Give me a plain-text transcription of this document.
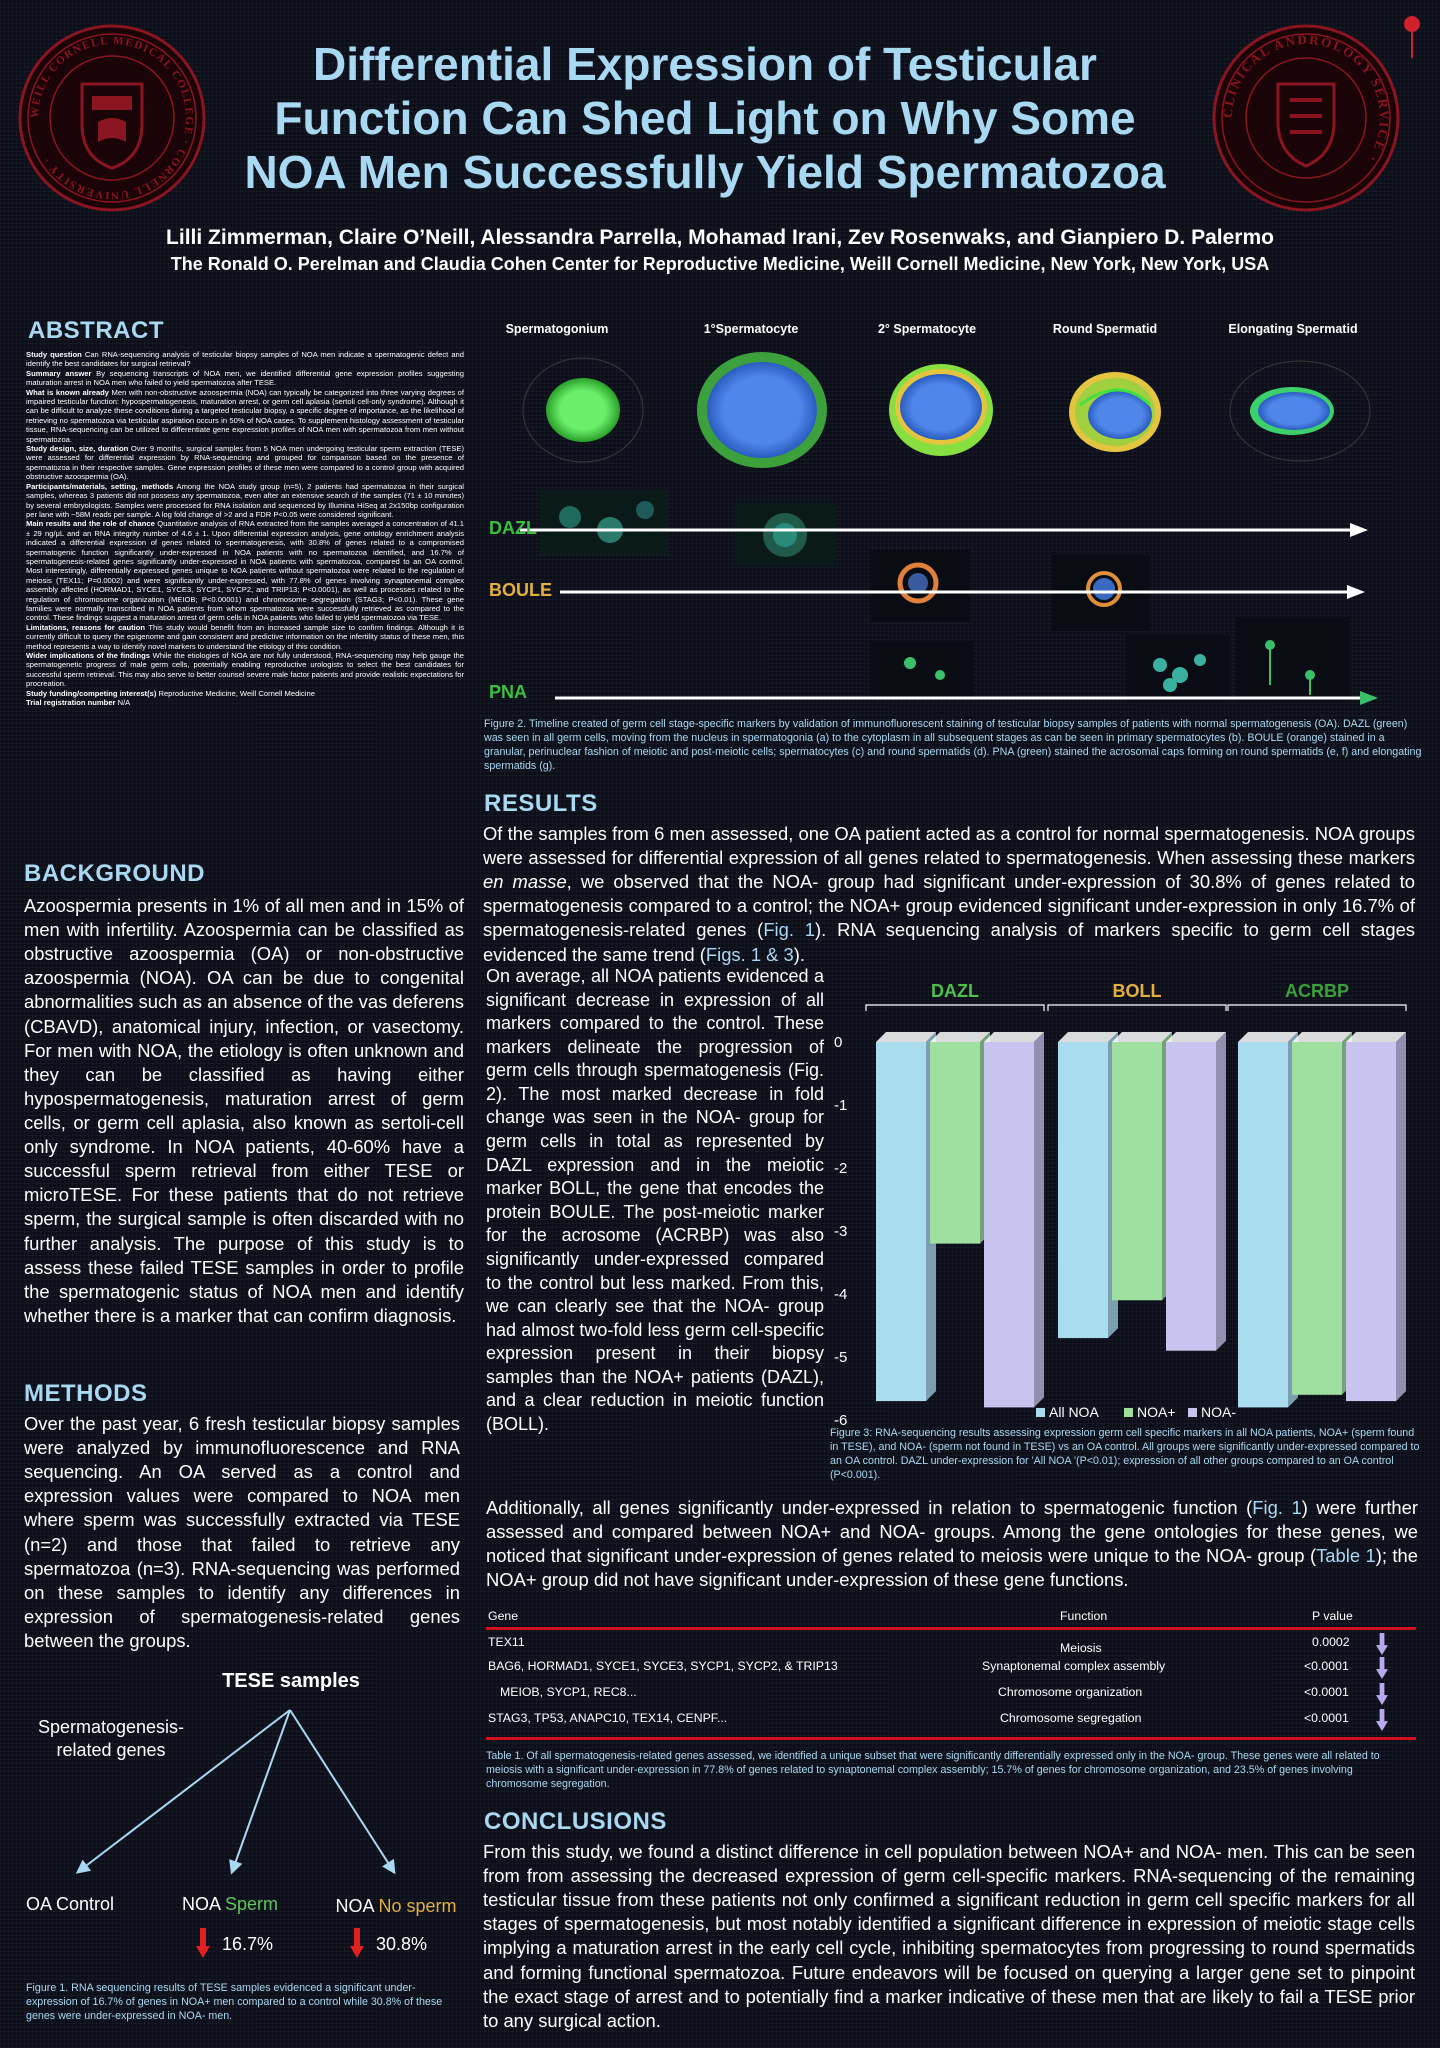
WEILL CORNELL MEDICAL COLLEGE · CORNELL UNIVERSITY ·
CLINICAL ANDROLOGY SERVICE ·
Differential Expression of Testicular
Function Can Shed Light on Why Some
NOA Men Successfully Yield Spermatozoa
Lilli Zimmerman, Claire O’Neill, Alessandra Parrella, Mohamad Irani, Zev Rosenwaks, and Gianpiero D. Palermo
The Ronald O. Perelman and Claudia Cohen Center for Reproductive Medicine, Weill Cornell Medicine, New York, New York, USA
ABSTRACT

Study question Can RNA-sequencing analysis of testicular biopsy samples of NOA men indicate a spermatogenic defect and identify the best candidates for surgical retrieval?

Summary answer By sequencing transcripts of NOA men, we identified differential gene expression profiles suggesting maturation arrest in NOA men who failed to yield spermatozoa after TESE.

What is known already Men with non-obstructive azoospermia (NOA) can typically be categorized into three varying degrees of impaired testicular function: hypospermatogenesis, maturation arrest, or germ cell aplasia (sertoli cell-only syndrome). Although it can be difficult to analyze these conditions during a targeted testicular biopsy, a specific degree of importance, as the likelihood of retrieving no spermatozoa via testicular aspiration occurs in 50% of NOA cases. To supplement histology assessment of testicular tissue, RNA-sequencing can be utilized to differentiate gene expression profiles of NOA men with spermatozoa from men without spermatozoa.

Study design, size, duration Over 9 months, surgical samples from 5 NOA men undergoing testicular sperm extraction (TESE) were assessed for differential expression by RNA-sequencing and grouped for comparison based on the presence of spermatozoa in their respective samples. Gene expression profiles of these men were compared to a control group with acquired obstructive azoospermia (OA).

Participants/materials, setting, methods Among the NOA study group (n=5), 2 patients had spermatozoa in their surgical samples, whereas 3 patients did not possess any spermatozoa, even after an extensive search of the samples (71 ± 10 minutes) by several embryologists. Samples were processed for RNA isolation and sequenced by Illumina HiSeq at 2x150bp configuration per lane with ~58M reads per sample. A log fold change of >2 and a FDR P<0.05 were considered significant.

Main results and the role of chance Quantitative analysis of RNA extracted from the samples averaged a concentration of 41.1 ± 29 ng/μL and an RNA integrity number of 4.6 ± 1. Upon differential expression analysis, gene ontology enrichment analysis indicated a differential expression of genes related to spermatogenesis, with 30.8% of genes related to a compromised spermatogenic function significantly under-expressed in NOA patients with no spermatozoa identified, and 16.7% of spermatogenesis-related genes significantly under-expressed in NOA patients with spermatozoa, compared to an OA control. Most interestingly, differentially expressed genes unique to NOA patients without spermatozoa were related to the regulation of meiosis (TEX11; P=0.0002) and were significantly under-expressed, with 77.8% of genes involving synaptonemal complex assembly affected (HORMAD1, SYCE1, SYCE3, SYCP1, SYCP2, and TRIP13; P<0.0001), as well as processes related to the regulation of chromosome organization (MEIOB; P<0.00001) and chromosome segregation (STAG3; P<0.01). These gene families were normally transcribed in NOA patients from whom spermatozoa were successfully retrieved as compared to the control. These findings suggest a maturation arrest of germ cells in NOA patients who failed to yield spermatozoa via TESE.

Limitations, reasons for caution This study would benefit from an increased sample size to confirm findings. Although it is currently difficult to query the epigenome and gain consistent and predictive information on the infertility status of these men, this method represents a way to identify novel markers to understand the etiology of this condition.

Wider implications of the findings While the etiologies of NOA are not fully understood, RNA-sequencing may help gauge the spermatogenetic progress of male germ cells, potentially enabling reproductive urologists to select the best candidates for successful sperm retrieval. This may also serve to better counsel severe male factor patients and provide realistic expectations for procreation.

Study funding/competing interest(s) Reproductive Medicine, Weill Cornell Medicine

Trial registration number N/A

BACKGROUND
Azoospermia presents in 1% of all men and in 15% of men with infertility. Azoospermia can be classified as obstructive azoospermia (OA) or non-obstructive azoospermia (NOA). OA can be due to congenital abnormalities such as an absence of the vas deferens (CBAVD), anatomical injury, infection, or vasectomy. For men with NOA, the etiology is often unknown and they can be classified as having either hypospermatogenesis, maturation arrest of germ cells, or germ cell aplasia, also known as sertoli-cell only syndrome. In NOA patients, 40-60% have a successful sperm retrieval from either TESE or microTESE. For these patients that do not retrieve sperm, the surgical sample is often discarded with no further analysis. The purpose of this study is to assess these failed TESE samples in order to profile the spermatogenic status of NOA men and identify whether there is a marker that can confirm diagnosis.
METHODS
Over the past year, 6 fresh testicular biopsy samples were analyzed by immunofluorescence and RNA sequencing. An OA served as a control and expression values were compared to NOA men where sperm was successfully extracted via TESE (n=2) and those that failed to retrieve any spermatozoa (n=3). RNA-sequencing was performed on these samples to identify any differences in expression of spermatogenesis-related genes between the groups.
TESE samples
Spermatogenesis-related genes
OA Control	NOA Sperm	NOA No sperm
16.7%	30.8%
Figure 1. RNA sequencing results of TESE samples evidenced a significant under-expression of 16.7% of genes in NOA+ men compared to a control while 30.8% of these genes were under-expressed in NOA- men.
Spermatogonium	1°Spermatocyte	2° Spermatocyte	Round Spermatid	Elongating Spermatid
DAZL
BOULE
PNA
Figure 2. Timeline created of germ cell stage-specific markers by validation of immunofluorescent staining of testicular biopsy samples of patients with normal spermatogenesis (OA). DAZL (green) was seen in all germ cells, moving from the nucleus in spermatogonia (a) to the cytoplasm in all subsequent stages as can be seen in primary spermatocytes (b). BOULE (orange) stained in a granular, perinuclear fashion of meiotic and post-meiotic cells; spermatocytes (c) and round spermatids (d). PNA (green) stained the acrosomal caps forming on round spermatids (e, f) and elongating spermatids (g).
RESULTS
Of the samples from 6 men assessed, one OA patient acted as a control for normal spermatogenesis. NOA groups were assessed for differential expression of all genes related to spermatogenesis. When assessing these markers en masse, we observed that the NOA- group had significant under-expression of 30.8% of genes related to spermatogenesis compared to a control; the NOA+ group evidenced significant under-expression in only 16.7% of spermatogenesis-related genes (Fig. 1). RNA sequencing analysis of markers specific to germ cell stages evidenced the same trend (Figs. 1 & 3).
On average, all NOA patients evidenced a significant decrease in expression of all markers compared to the control. These markers delineate the progression of germ cells through spermatogenesis (Fig. 2). The most marked decrease in fold change was seen in the NOA- group for germ cells in total as represented by DAZL expression and in the meiotic marker BOLL, the gene that encodes the protein BOULE. The post-meiotic marker for the acrosome (ACRBP) was also significantly under-expressed compared to the control but less marked. From this, we can clearly see that the NOA- group had almost two-fold less germ cell-specific expression present in their biopsy samples than the NOA+ patients (DAZL), and a clear reduction in meiotic function (BOLL).
0
-1
-2
-3
-4
-5
-6
DAZL	BOLL	ACRBP
All NOA	NOA+ NOA-
Figure 3: RNA-sequencing results assessing expression germ cell specific markers in all NOA patients, NOA+ (sperm found in TESE), and NOA- (sperm not found in TESE) vs an OA control. All groups were significantly under-expressed compared to an OA control. DAZL under-expression for 'All NOA '(P<0.01); expression of all other groups compared to an OA control (P<0.001).
Additionally, all genes significantly under-expressed in relation to spermatogenic function (Fig. 1) were further assessed and compared between NOA+ and NOA- groups. Among the gene ontologies for these genes, we noticed that significant under-expression of genes related to meiosis were unique to the NOA- group (Table 1); the NOA+ group did not have significant under-expression of these gene functions.
Gene	Function	P value
TEX11	Meiosis	0.0002
BAG6, HORMAD1, SYCE1, SYCE3, SYCP1, SYCP2, & TRIP13	Synaptonemal complex assembly	<0.0001
MEIOB, SYCP1, REC8...	Chromosome organization	<0.0001
STAG3, TP53, ANAPC10, TEX14, CENPF...	Chromosome segregation	<0.0001
Table 1. Of all spermatogenesis-related genes assessed, we identified a unique subset that were significantly differentially expressed only in the NOA- group. These genes were all related to meiosis with a significant under-expression in 77.8% of genes related to synaptonemal complex assembly; 15.7% of genes for chromosome organization, and 23.5% of genes involving chromosome segregation.
CONCLUSIONS
From this study, we found a distinct difference in cell population between NOA+ and NOA- men. This can be seen from from assessing the decreased expression of germ cell-specific markers. RNA-sequencing of the remaining testicular tissue from these patients not only confirmed a significant reduction in germ cell specific markers for all stages of spermatogenesis, but most notably identified a significant difference in expression of meiotic stage cells implying a maturation arrest in the early cell cycle, inhibiting spermatocytes from progressing to round spermatids and forming functional spermatozoa. Future endeavors will be focused on querying a larger gene set to pinpoint the exact stage of arrest and to potentially find a marker indicative of these men that are likely to fail a TESE prior to any surgical action.
